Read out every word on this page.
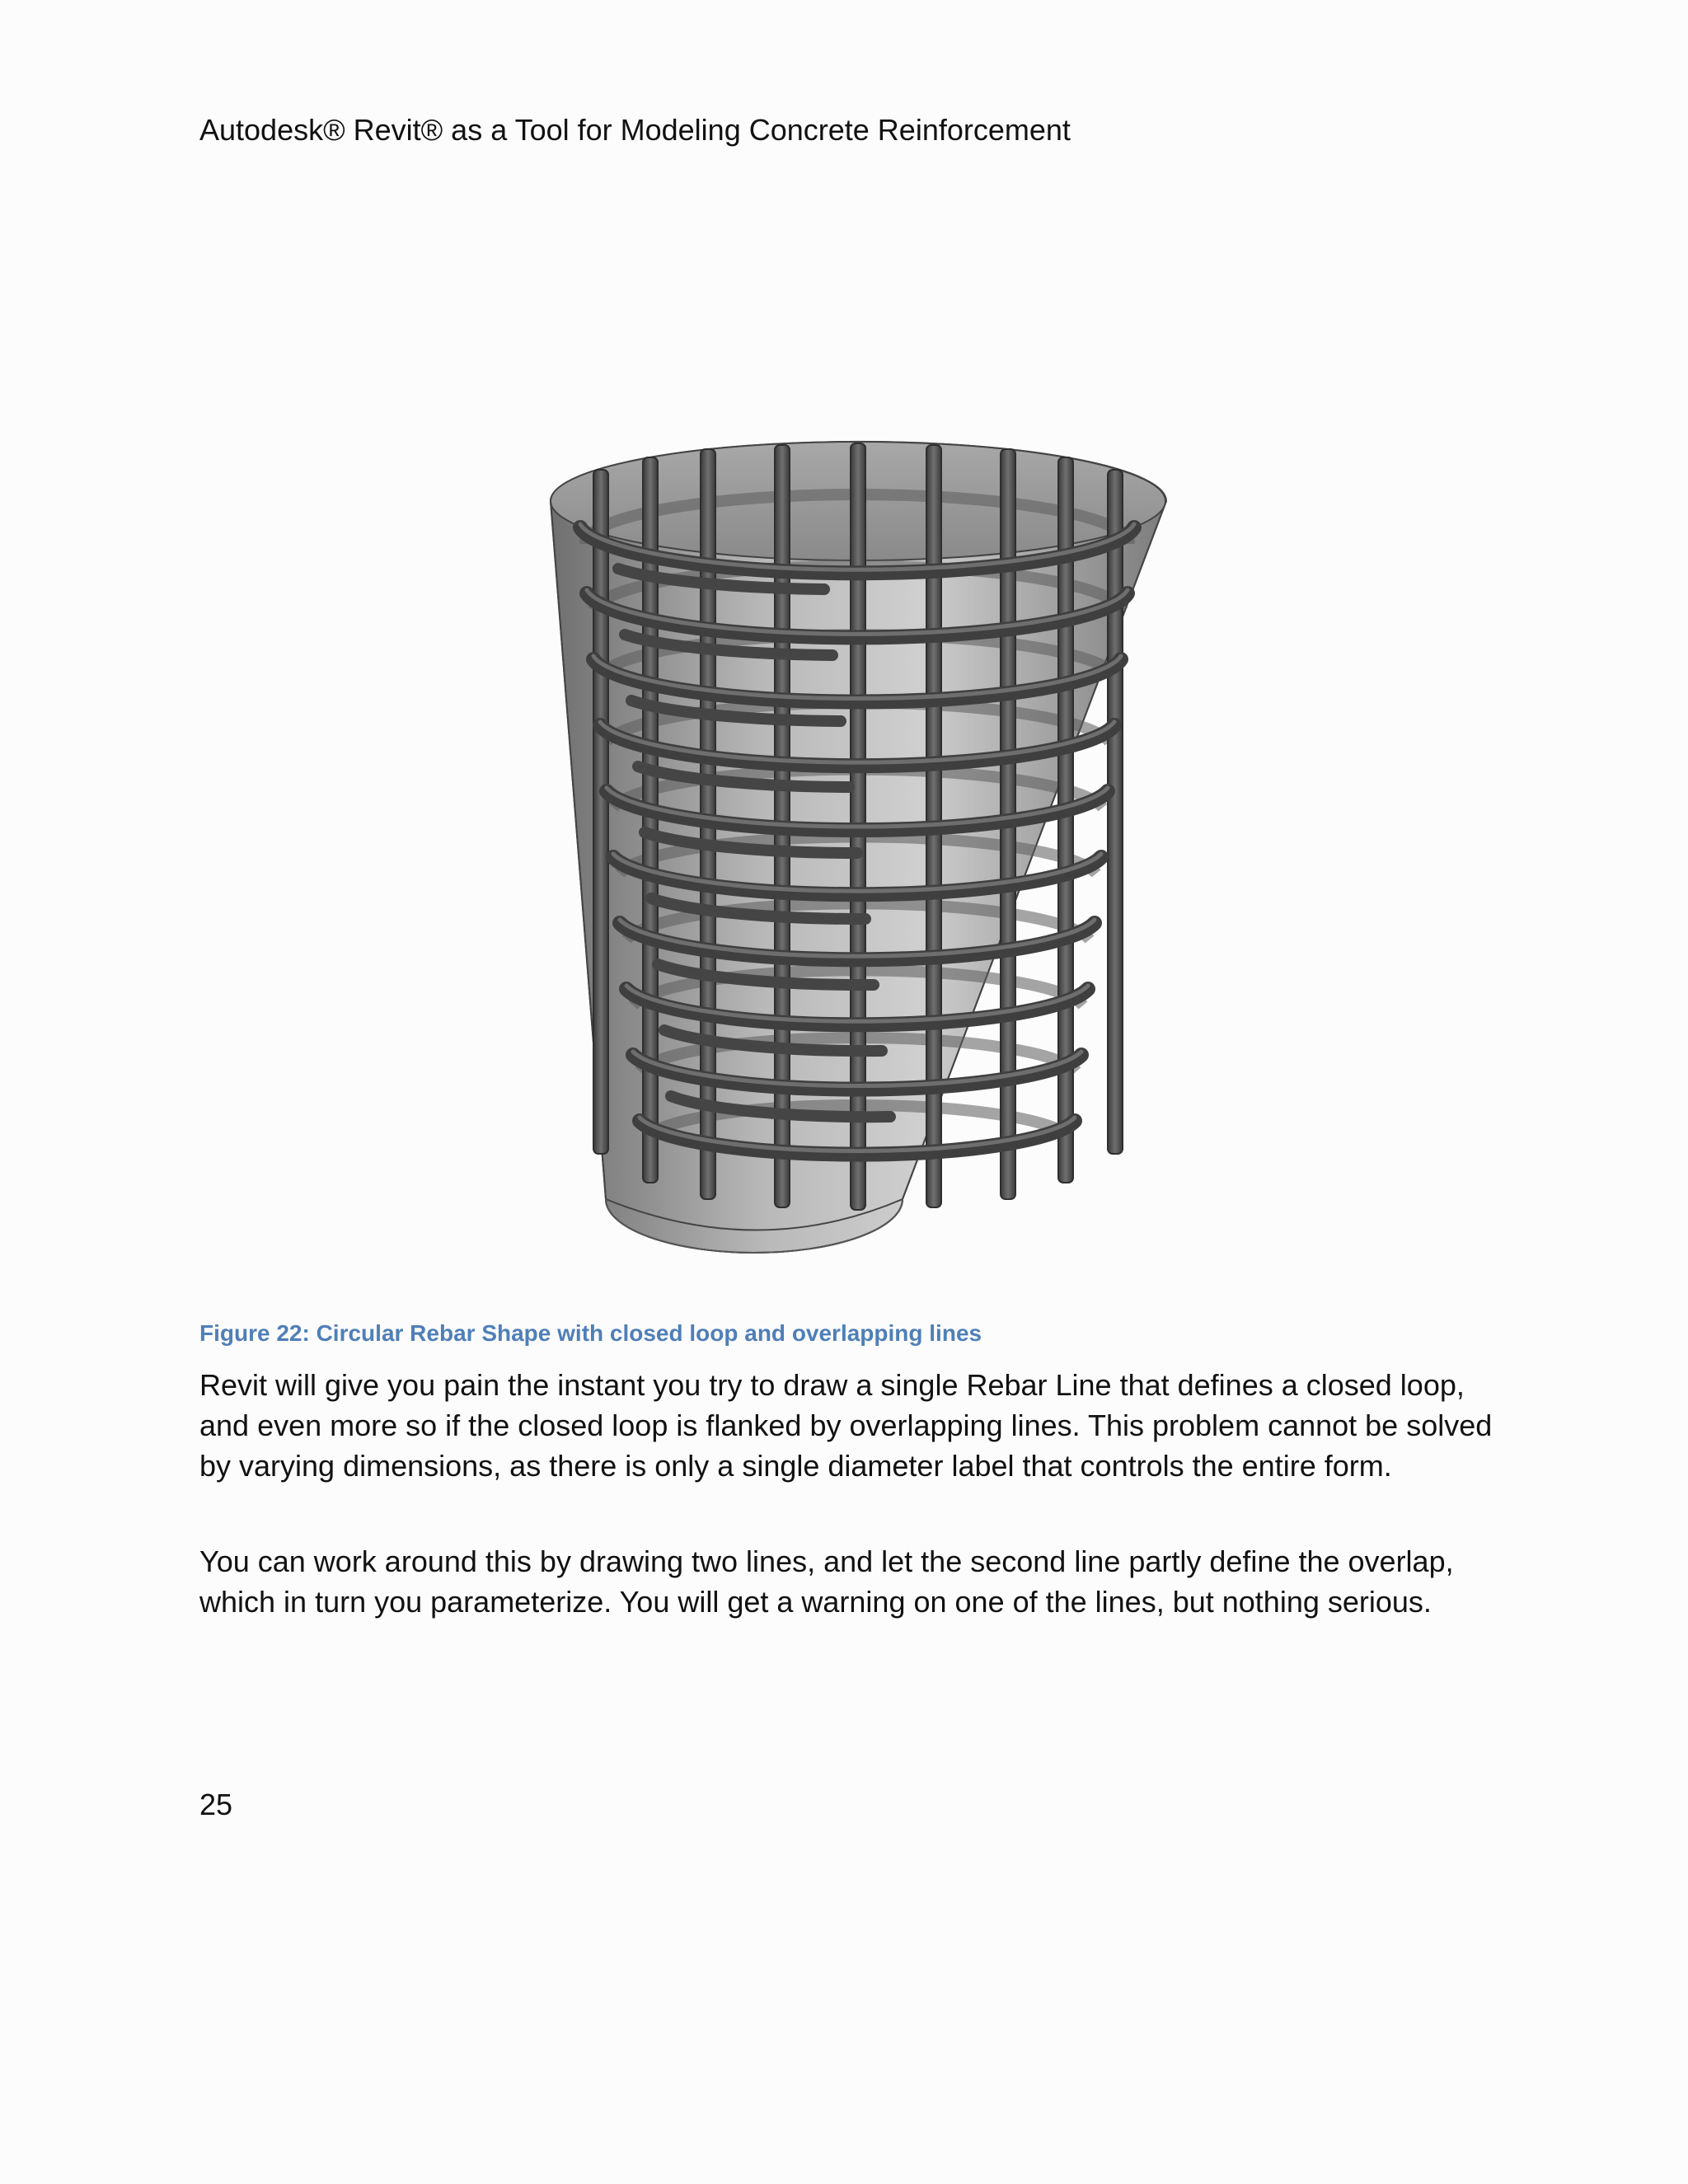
Autodesk® Revit® as a Tool for Modeling Concrete Reinforcement
Figure 22: Circular Rebar Shape with closed loop and overlapping lines

Revit will give you pain the instant you try to draw a single Rebar Line that defines a closed loop, and even more so if the closed loop is flanked by overlapping lines. This problem cannot be solved by varying dimensions, as there is only a single diameter label that controls the entire form.

You can work around this by drawing two lines, and let the second line partly define the overlap, which in turn you parameterize. You will get a warning on one of the lines, but nothing serious.

25
